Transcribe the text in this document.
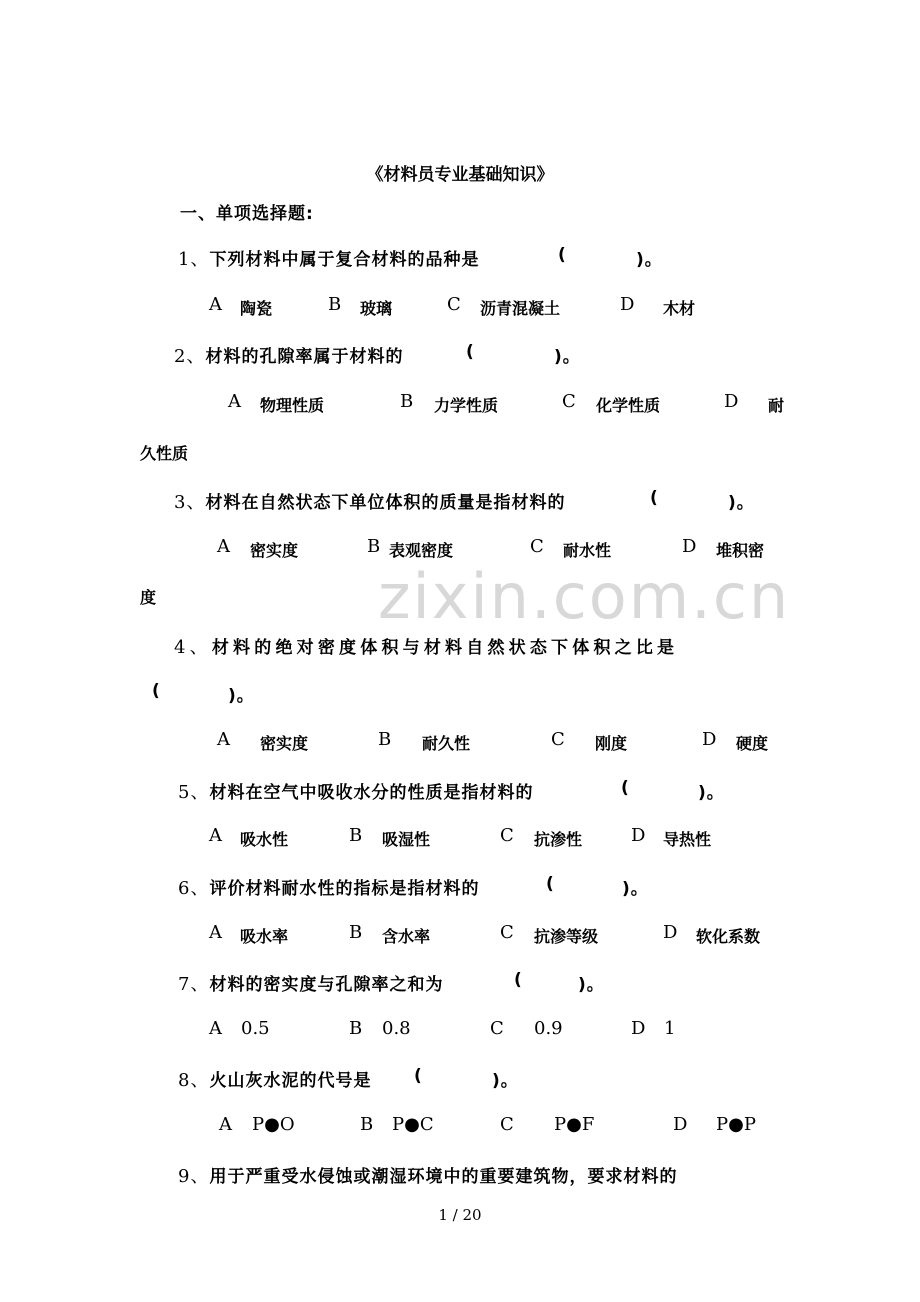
《材料员专业基础知识》
一、单项选择题:
1、下列材料中属于复合材料的品种是	(	)。
A 陶瓷	B 玻璃	C 沥青混凝土	D 木材
2、材料的孔隙率属于材料的	(	)。
A 物理性质	B 力学性质	C 化学性质	D 耐
久性质
3、材料在自然状态下单位体积的质量是指材料的	(	)。
A 密实度	B 表观密度	C 耐水性	D 堆积密
度	zixin.com.cn
4、材料的绝对密度体积与材料自然状态下体积之比是
(	)。
A 密实度	B 耐久性	C 刚度	D 硬度
5、材料在空气中吸收水分的性质是指材料的	(	)。
A 吸水性	B 吸湿性	C 抗渗性	D 导热性
6、评价材料耐水性的指标是指材料的	(	)。
A 吸水率	B 含水率	C 抗渗等级	D 软化系数
7、材料的密实度与孔隙率之和为	(	)。
A 0.5	B 0.8	C 0.9	D 1
8、火山灰水泥的代号是	(	)。
A P●O	B P●C	C P●F	D P●P
9、用于严重受水侵蚀或潮湿环境中的重要建筑物，要求材料的
1 / 20
